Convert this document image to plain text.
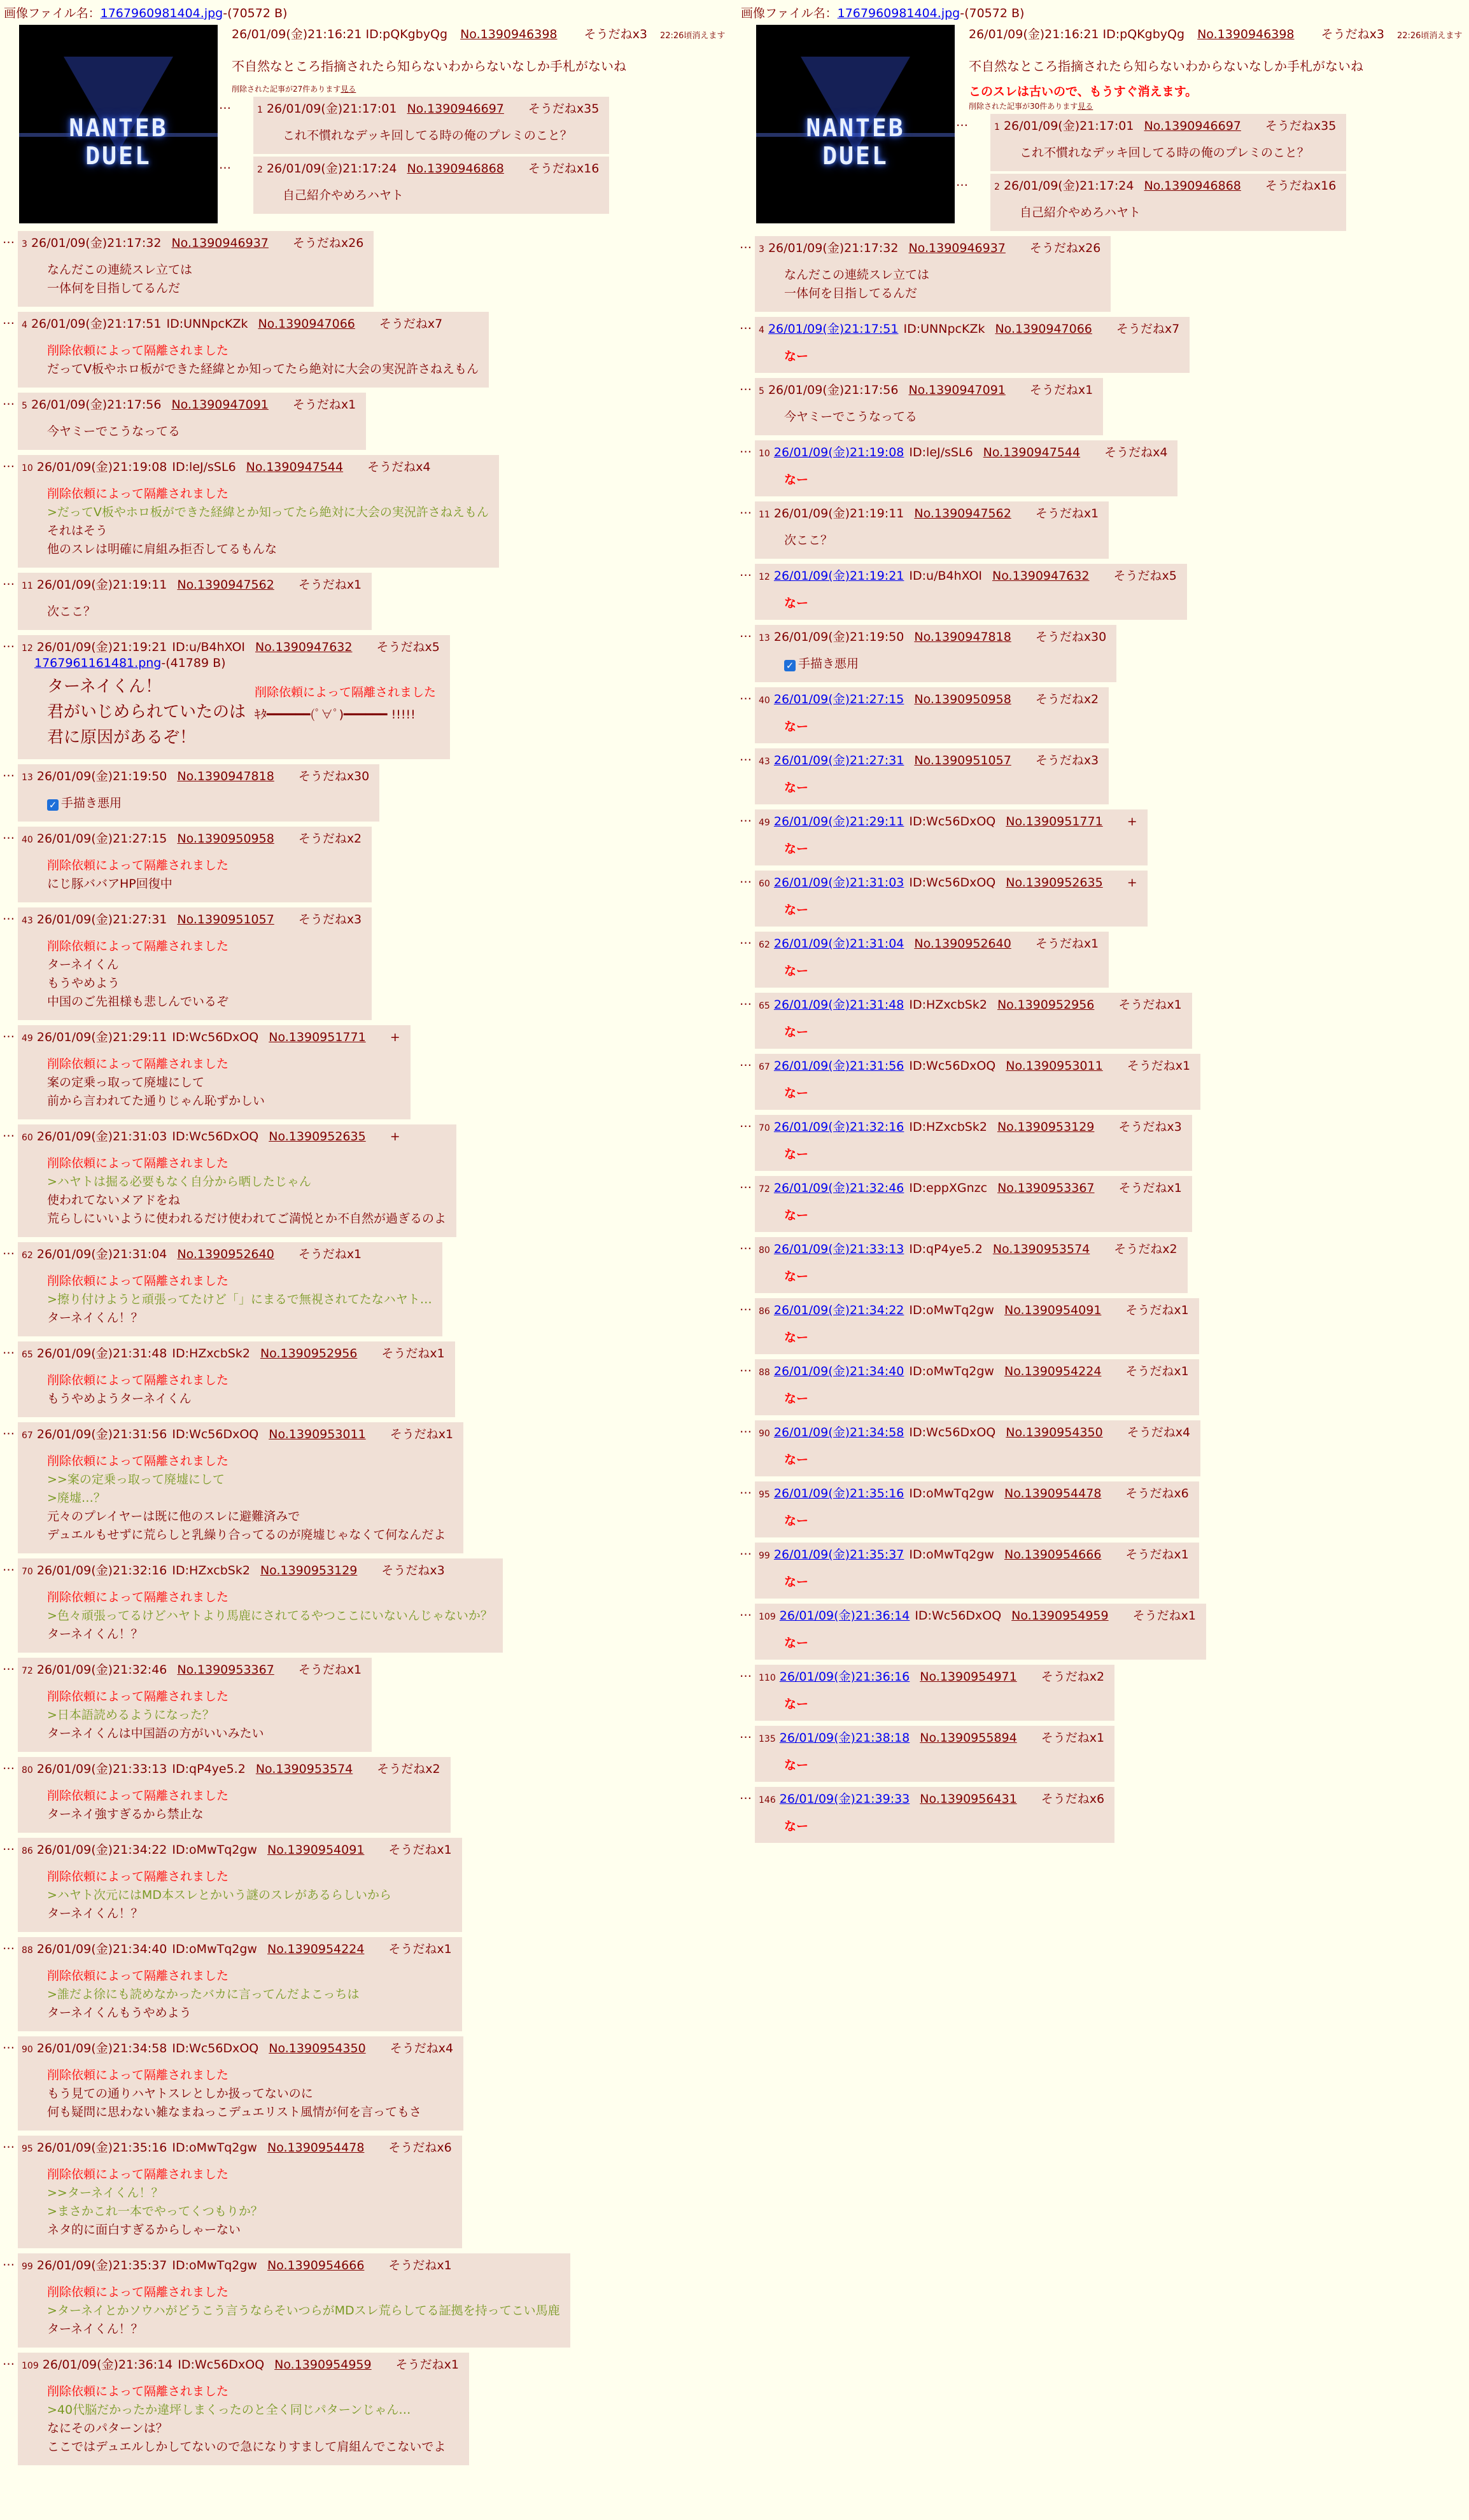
画像ファイル名：1767960981404.jpg-(70572 B)
NANTEB DUEL
26/01/09(金)21:16:21 ID:pQKgbyQg No.1390946398 そうだねx3 22:26頃消えます
不自然なところ指摘されたら知らないわからないなしか手札がないね
削除された記事が27件あります見る
…	1 26/01/09(金)21:17:01 No.1390946697 そうだねx35
これ不慣れなデッキ回してる時の俺のプレミのこと？
…	2 26/01/09(金)21:17:24 No.1390946868 そうだねx16
自己紹介やめろハヤト
… 3 26/01/09(金)21:17:32 No.1390946937 そうだねx26
なんだこの連続スレ立ては
一体何を目指してるんだ
… 4 26/01/09(金)21:17:51 ID:UNNpcKZk No.1390947066 そうだねx7
削除依頼によって隔離されました
だってV板やホロ板ができた経緯とか知ってたら絶対に大会の実況許さねえもん
… 5 26/01/09(金)21:17:56 No.1390947091 そうだねx1
今ヤミーでこうなってる
… 10 26/01/09(金)21:19:08 ID:leJ/sSL6 No.1390947544 そうだねx4
削除依頼によって隔離されました
>だってV板やホロ板ができた経緯とか知ってたら絶対に大会の実況許さねえもん
それはそう
他のスレは明確に肩組み拒否してるもんな
… 11 26/01/09(金)21:19:11 No.1390947562 そうだねx1
次ここ？
… 12 26/01/09(金)21:19:21 ID:u/B4hXOI No.1390947632 そうだねx5
1767961161481.png-(41789 B)
ターネイくん！
君がいじめられていたのは
君に原因があるぞ！
削除依頼によって隔離されました
ｷﾀ━━━━━━(ﾟ∀ﾟ)━━━━━━ !!!!!
… 13 26/01/09(金)21:19:50 No.1390947818 そうだねx30
✓ 手描き悪用
… 40 26/01/09(金)21:27:15 No.1390950958 そうだねx2
削除依頼によって隔離されました
にじ豚ババアHP回復中
… 43 26/01/09(金)21:27:31 No.1390951057 そうだねx3
削除依頼によって隔離されました
ターネイくん
もうやめよう
中国のご先祖様も悲しんでいるぞ
… 49 26/01/09(金)21:29:11 ID:Wc56DxOQ No.1390951771 +
削除依頼によって隔離されました
案の定乗っ取って廃墟にして
前から言われてた通りじゃん恥ずかしい
… 60 26/01/09(金)21:31:03 ID:Wc56DxOQ No.1390952635 +
削除依頼によって隔離されました
>ハヤトは掘る必要もなく自分から晒したじゃん
使われてないメアドをね
荒らしにいいように使われるだけ使われてご満悦とか不自然が過ぎるのよ
… 62 26/01/09(金)21:31:04 No.1390952640 そうだねx1
削除依頼によって隔離されました
>擦り付けようと頑張ってたけど「」にまるで無視されてたなハヤト…
ターネイくん！？
… 65 26/01/09(金)21:31:48 ID:HZxcbSk2 No.1390952956 そうだねx1
削除依頼によって隔離されました
もうやめようターネイくん
… 67 26/01/09(金)21:31:56 ID:Wc56DxOQ No.1390953011 そうだねx1
削除依頼によって隔離されました
>>案の定乗っ取って廃墟にして
>廃墟…？
元々のプレイヤーは既に他のスレに避難済みで
デュエルもせずに荒らしと乳繰り合ってるのが廃墟じゃなくて何なんだよ
… 70 26/01/09(金)21:32:16 ID:HZxcbSk2 No.1390953129 そうだねx3
削除依頼によって隔離されました
>色々頑張ってるけどハヤトより馬鹿にされてるやつここにいないんじゃないか？
ターネイくん！？
… 72 26/01/09(金)21:32:46 No.1390953367 そうだねx1
削除依頼によって隔離されました
>日本語読めるようになった？
ターネイくんは中国語の方がいいみたい
… 80 26/01/09(金)21:33:13 ID:qP4ye5.2 No.1390953574 そうだねx2
削除依頼によって隔離されました
ターネイ強すぎるから禁止な
… 86 26/01/09(金)21:34:22 ID:oMwTq2gw No.1390954091 そうだねx1
削除依頼によって隔離されました
>ハヤト次元にはMD本スレとかいう謎のスレがあるらしいから
ターネイくん！？
… 88 26/01/09(金)21:34:40 ID:oMwTq2gw No.1390954224 そうだねx1
削除依頼によって隔離されました
>誰だよ徐にも読めなかったバカに言ってんだよこっちは
ターネイくんもうやめよう
… 90 26/01/09(金)21:34:58 ID:Wc56DxOQ No.1390954350 そうだねx4
削除依頼によって隔離されました
もう見ての通りハヤトスレとしか扱ってないのに
何も疑問に思わない雑なまねっこデュエリスト風情が何を言ってもさ
… 95 26/01/09(金)21:35:16 ID:oMwTq2gw No.1390954478 そうだねx6
削除依頼によって隔離されました
>>ターネイくん！？
>まさかこれ一本でやってくつもりか？
ネタ的に面白すぎるからしゃーない
… 99 26/01/09(金)21:35:37 ID:oMwTq2gw No.1390954666 そうだねx1
削除依頼によって隔離されました
>ターネイとかソウハがどうこう言うならそいつらがMDスレ荒らしてる証拠を持ってこい馬鹿
ターネイくん！？
… 109 26/01/09(金)21:36:14 ID:Wc56DxOQ No.1390954959 そうだねx1
削除依頼によって隔離されました
>40代脳だかったか違坪しまくったのと全く同じパターンじゃん…
なにそのパターンは？
ここではデュエルしかしてないので急になりすまして肩組んでこないでよ
画像ファイル名：1767960981404.jpg-(70572 B)
NANTEB DUEL
26/01/09(金)21:16:21 ID:pQKgbyQg No.1390946398 そうだねx3 22:26頃消えます
不自然なところ指摘されたら知らないわからないなしか手札がないね
このスレは古いので、もうすぐ消えます。
削除された記事が30件あります見る
…	1 26/01/09(金)21:17:01 No.1390946697 そうだねx35
これ不慣れなデッキ回してる時の俺のプレミのこと？
…	2 26/01/09(金)21:17:24 No.1390946868 そうだねx16
自己紹介やめろハヤト
… 3 26/01/09(金)21:17:32 No.1390946937 そうだねx26
なんだこの連続スレ立ては
一体何を目指してるんだ
… 4 26/01/09(金)21:17:51 ID:UNNpcKZk No.1390947066 そうだねx7
なー
… 5 26/01/09(金)21:17:56 No.1390947091 そうだねx1
今ヤミーでこうなってる
… 10 26/01/09(金)21:19:08 ID:leJ/sSL6 No.1390947544 そうだねx4
なー
… 11 26/01/09(金)21:19:11 No.1390947562 そうだねx1
次ここ？
… 12 26/01/09(金)21:19:21 ID:u/B4hXOI No.1390947632 そうだねx5
なー
… 13 26/01/09(金)21:19:50 No.1390947818 そうだねx30
✓ 手描き悪用
… 40 26/01/09(金)21:27:15 No.1390950958 そうだねx2
なー
… 43 26/01/09(金)21:27:31 No.1390951057 そうだねx3
なー
… 49 26/01/09(金)21:29:11 ID:Wc56DxOQ No.1390951771 +
なー
… 60 26/01/09(金)21:31:03 ID:Wc56DxOQ No.1390952635 +
なー
… 62 26/01/09(金)21:31:04 No.1390952640 そうだねx1
なー
… 65 26/01/09(金)21:31:48 ID:HZxcbSk2 No.1390952956 そうだねx1
なー
… 67 26/01/09(金)21:31:56 ID:Wc56DxOQ No.1390953011 そうだねx1
なー
… 70 26/01/09(金)21:32:16 ID:HZxcbSk2 No.1390953129 そうだねx3
なー
… 72 26/01/09(金)21:32:46 ID:eppXGnzc No.1390953367 そうだねx1
なー
… 80 26/01/09(金)21:33:13 ID:qP4ye5.2 No.1390953574 そうだねx2
なー
… 86 26/01/09(金)21:34:22 ID:oMwTq2gw No.1390954091 そうだねx1
なー
… 88 26/01/09(金)21:34:40 ID:oMwTq2gw No.1390954224 そうだねx1
なー
… 90 26/01/09(金)21:34:58 ID:Wc56DxOQ No.1390954350 そうだねx4
なー
… 95 26/01/09(金)21:35:16 ID:oMwTq2gw No.1390954478 そうだねx6
なー
… 99 26/01/09(金)21:35:37 ID:oMwTq2gw No.1390954666 そうだねx1
なー
… 109 26/01/09(金)21:36:14 ID:Wc56DxOQ No.1390954959 そうだねx1
なー
… 110 26/01/09(金)21:36:16 No.1390954971 そうだねx2
なー
… 135 26/01/09(金)21:38:18 No.1390955894 そうだねx1
なー
… 146 26/01/09(金)21:39:33 No.1390956431 そうだねx6
なー
